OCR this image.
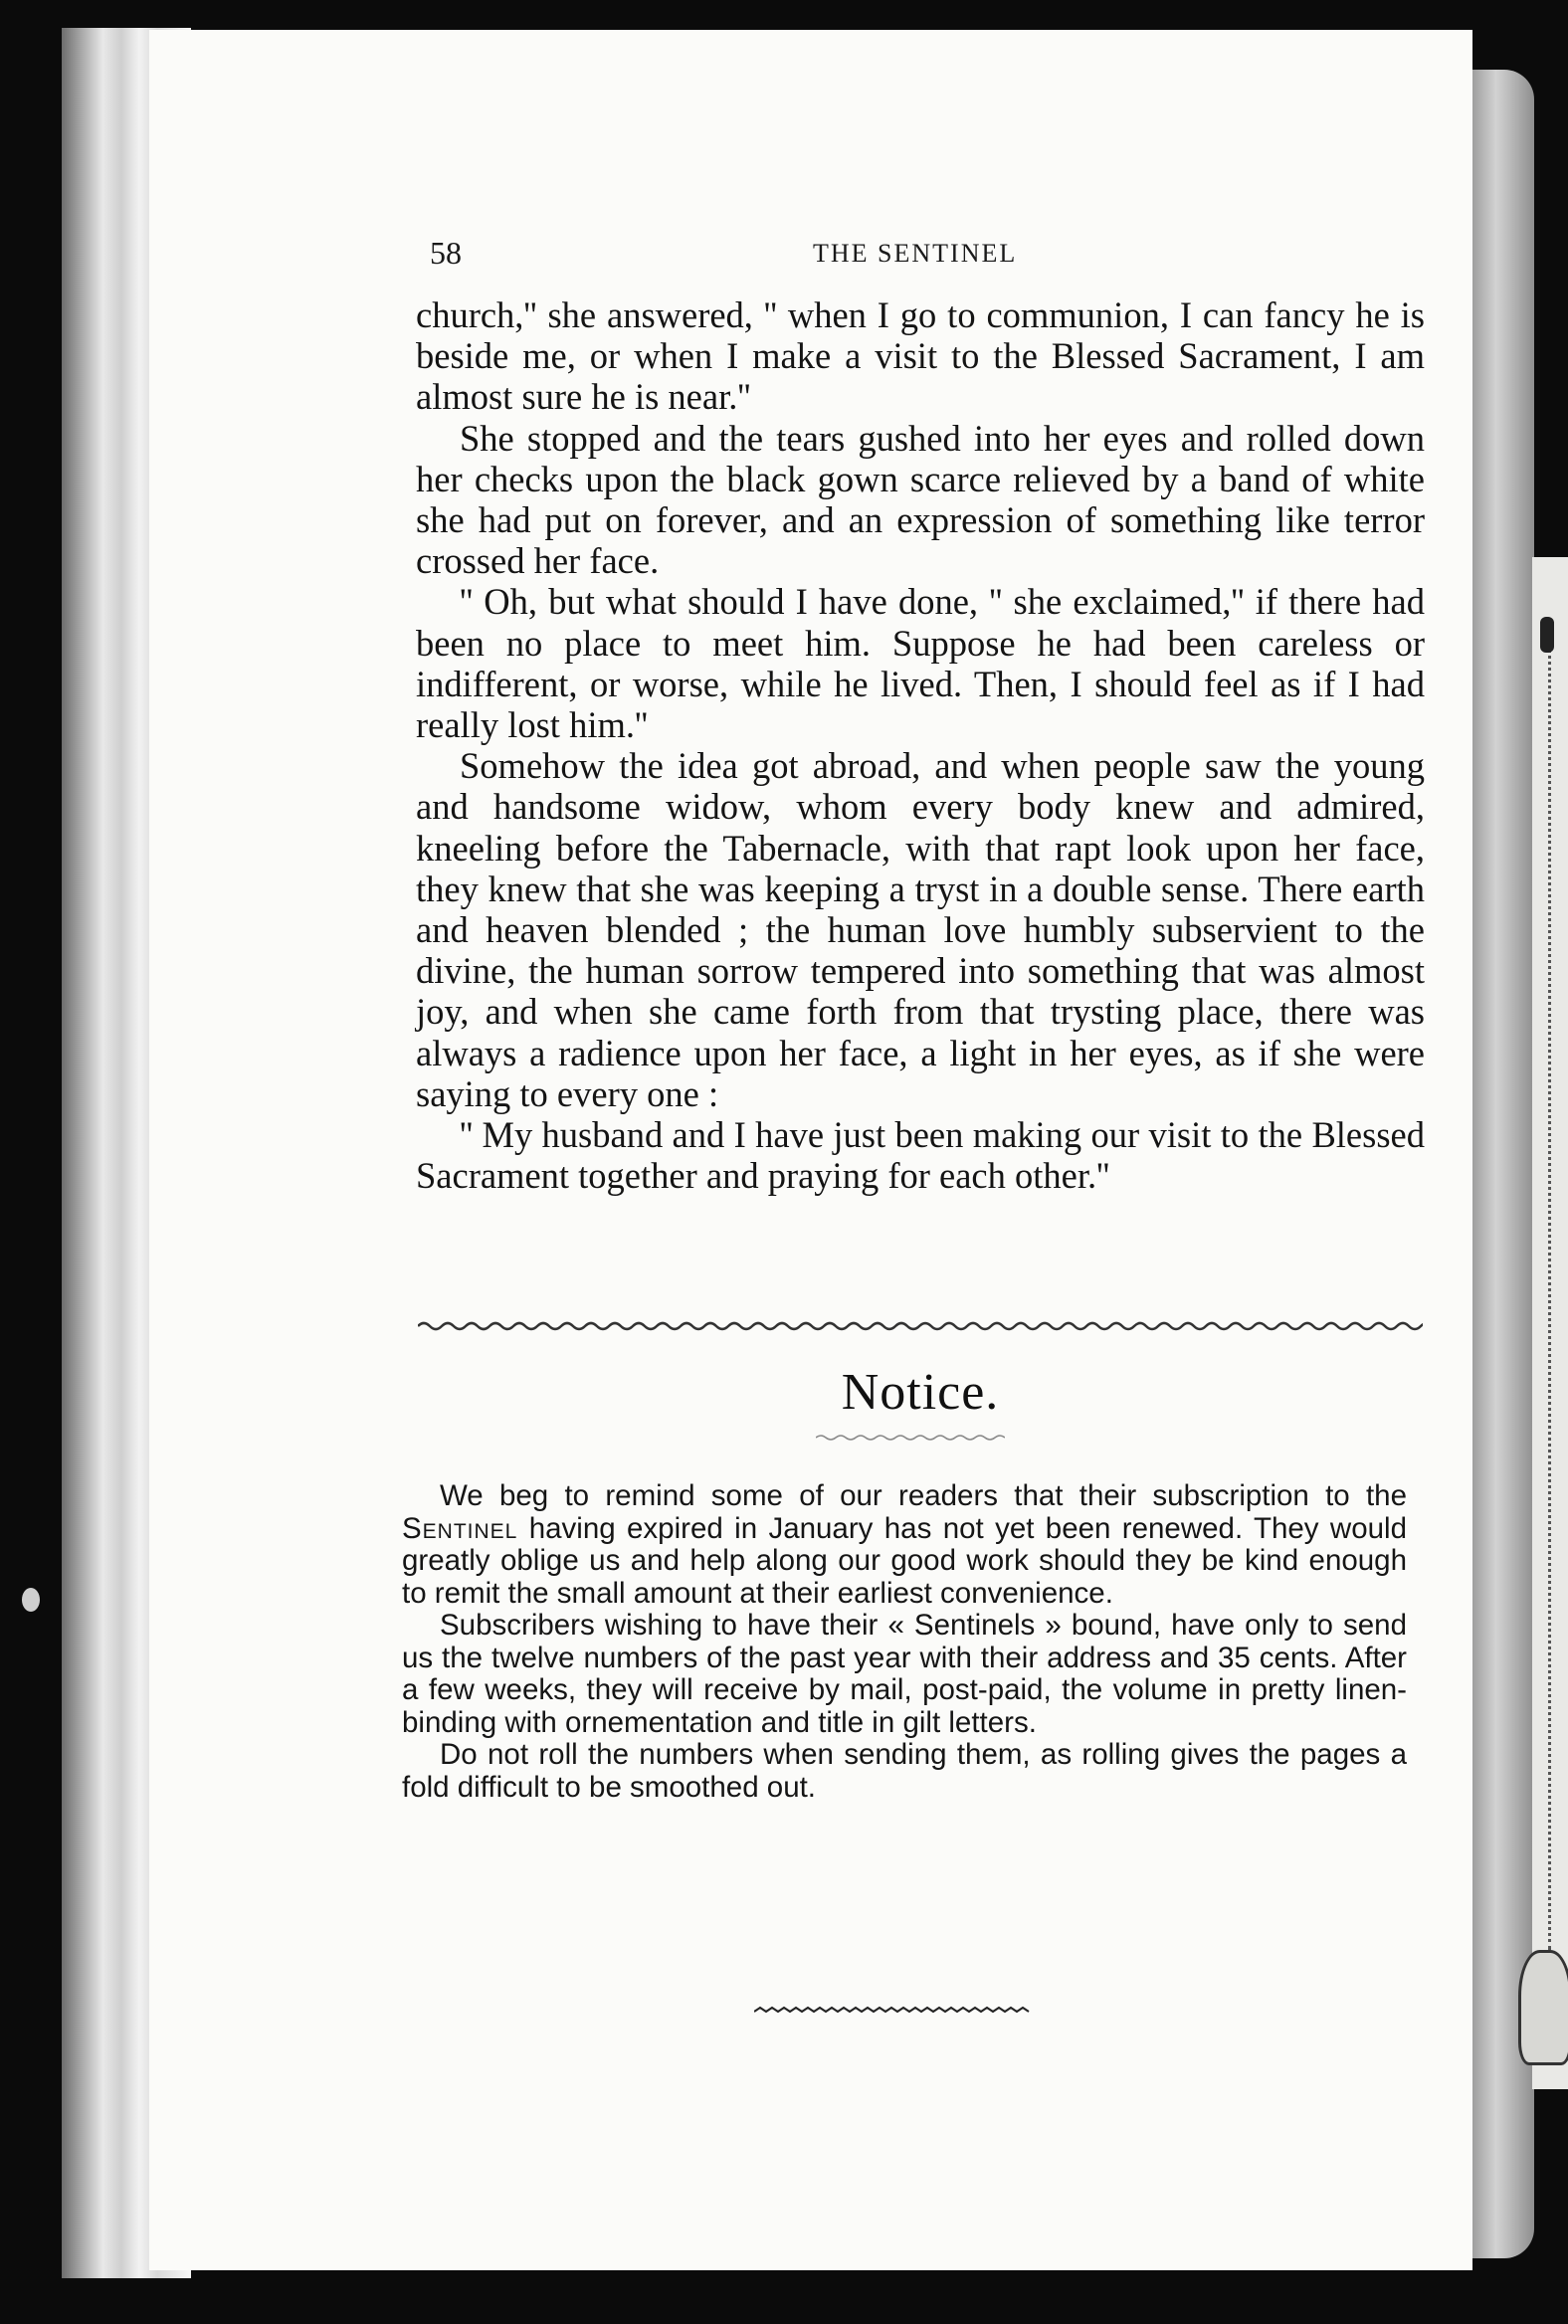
58	THE SENTINEL

church,'' she answered, '' when I go to communion, I can fancy he is beside me, or when I make a visit to the Blessed Sacrament, I am almost sure he is near.''

She stopped and the tears gushed into her eyes and rolled down her checks upon the black gown scarce relieved by a band of white she had put on forever, and an expression of something like terror crossed her face.

'' Oh, but what should I have done, '' she exclaimed,'' if there had been no place to meet him. Suppose he had been careless or indifferent, or worse, while he lived. Then, I should feel as if I had really lost him.''

Somehow the idea got abroad, and when people saw the young and handsome widow, whom every body knew and admired, kneeling before the Tabernacle, with that rapt look upon her face, they knew that she was keeping a tryst in a double sense. There earth and heaven blended ; the human love humbly subservient to the divine, the human sorrow tempered into something that was almost joy, and when she came forth from that trysting place, there was always a radience upon her face, a light in her eyes, as if she were saying to every one :

'' My husband and I have just been making our visit to the Blessed Sacrament together and praying for each other.''

Notice.

We beg to remind some of our readers that their subscription to the Sentinel having expired in January has not yet been renewed. They would greatly oblige us and help along our good work should they be kind enough to remit the small amount at their earliest convenience.

Subscribers wishing to have their « Sentinels » bound, have only to send us the twelve numbers of the past year with their address and 35 cents. After a few weeks, they will receive by mail, post-paid, the volume in pretty linen-binding with ornementation and title in gilt letters.

Do not roll the numbers when sending them, as rolling gives the pages a fold difficult to be smoothed out.
